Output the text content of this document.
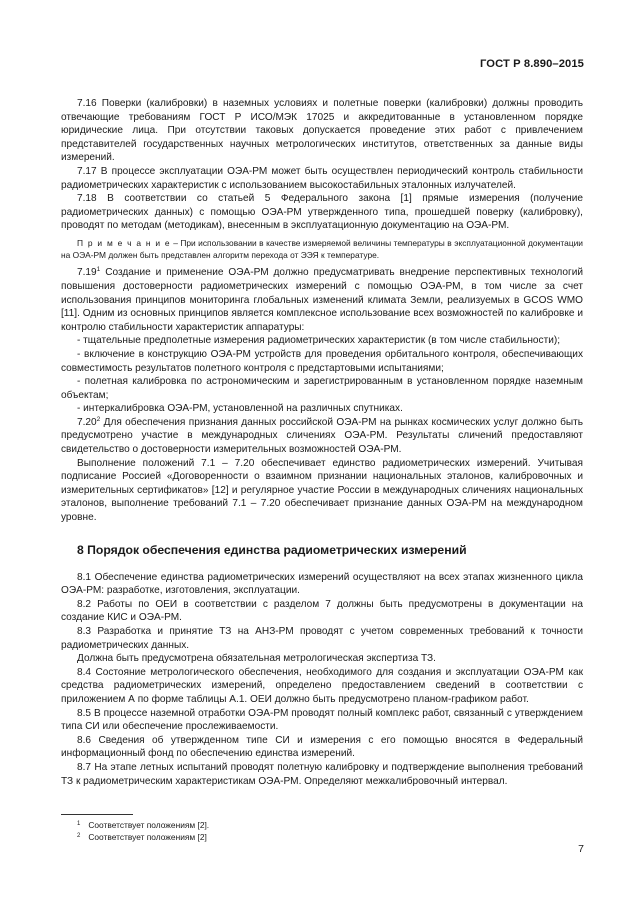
ГОСТ Р 8.890–2015

7.16 Поверки (калибровки) в наземных условиях и полетные поверки (калибровки) должны проводить отвечающие требованиям ГОСТ Р ИСО/МЭК 17025 и аккредитованные в установленном порядке юридические лица. При отсутствии таковых допускается проведение этих работ с привлечением представителей государственных научных метрологических институтов, ответственных за данные виды измерений.

7.17 В процессе эксплуатации ОЭА-РМ может быть осуществлен периодический контроль стабильности радиометрических характеристик с использованием высокостабильных эталонных излучателей.

7.18 В соответствии со статьей 5 Федерального закона [1] прямые измерения (получение радиометрических данных) с помощью ОЭА-РМ утвержденного типа, прошедшей поверку (калибровку), проводят по методам (методикам), внесенным в эксплуатационную документацию на ОЭА-РМ.

П р и м е ч а н и е – При использовании в качестве измеряемой величины температуры в эксплуатационной документации на ОЭА-РМ должен быть представлен алгоритм перехода от ЭЭЯ к температуре.

7.19$^1$ Создание и применение ОЭА-РМ должно предусматривать внедрение перспективных технологий повышения достоверности радиометрических измерений с помощью ОЭА-РМ, в том числе за счет использования принципов мониторинга глобальных изменений климата Земли, реализуемых в GCOS WMO [11]. Одним из основных принципов является комплексное использование всех возможностей по калибровке и контролю стабильности характеристик аппаратуры:

- тщательные предполетные измерения радиометрических характеристик (в том числе стабильности);

- включение в конструкцию ОЭА-РМ устройств для проведения орбитального контроля, обеспечивающих совместимость результатов полетного контроля с предстартовыми испытаниями;

- полетная калибровка по астрономическим и зарегистрированным в установленном порядке наземным объектам;

- интеркалибровка ОЭА-РМ, установленной на различных спутниках.

7.20$^2$ Для обеспечения признания данных российской ОЭА-РМ на рынках космических услуг должно быть предусмотрено участие в международных сличениях ОЭА-РМ. Результаты сличений предоставляют свидетельство о достоверности измерительных возможностей ОЭА-РМ.

Выполнение положений 7.1 – 7.20 обеспечивает единство радиометрических измерений. Учитывая подписание Россией «Договоренности о взаимном признании национальных эталонов, калибровочных и измерительных сертификатов» [12] и регулярное участие России в международных сличениях национальных эталонов, выполнение требований 7.1 – 7.20 обеспечивает признание данных ОЭА-РМ на международном уровне.

8 Порядок обеспечения единства радиометрических измерений

8.1 Обеспечение единства радиометрических измерений осуществляют на всех этапах жизненного цикла ОЭА-РМ: разработке, изготовления, эксплуатации.

8.2 Работы по ОЕИ в соответствии с разделом 7 должны быть предусмотрены в документации на создание КИС и ОЭА-РМ.

8.3 Разработка и принятие ТЗ на АНЗ-РМ проводят с учетом современных требований к точности радиометрических данных.

Должна быть предусмотрена обязательная метрологическая экспертиза ТЗ.

8.4 Состояние метрологического обеспечения, необходимого для создания и эксплуатации ОЭА-РМ как средства радиометрических измерений, определено предоставлением сведений в соответствии с приложением А по форме таблицы А.1. ОЕИ должно быть предусмотрено планом-графиком работ.

8.5 В процессе наземной отработки ОЭА-РМ проводят полный комплекс работ, связанный с утверждением типа СИ или обеспечение прослеживаемости.

8.6 Сведения об утвержденном типе СИ и измерения с его помощью вносятся в Федеральный информационный фонд по обеспечению единства измерений.

8.7 На этапе летных испытаний проводят полетную калибровку и подтверждение выполнения требований ТЗ к радиометрическим характеристикам ОЭА-РМ. Определяют межкалибровочный интервал.

$^1$ Соответствует положениям [2].
$^2$ Соответствует положениям [2]
7
